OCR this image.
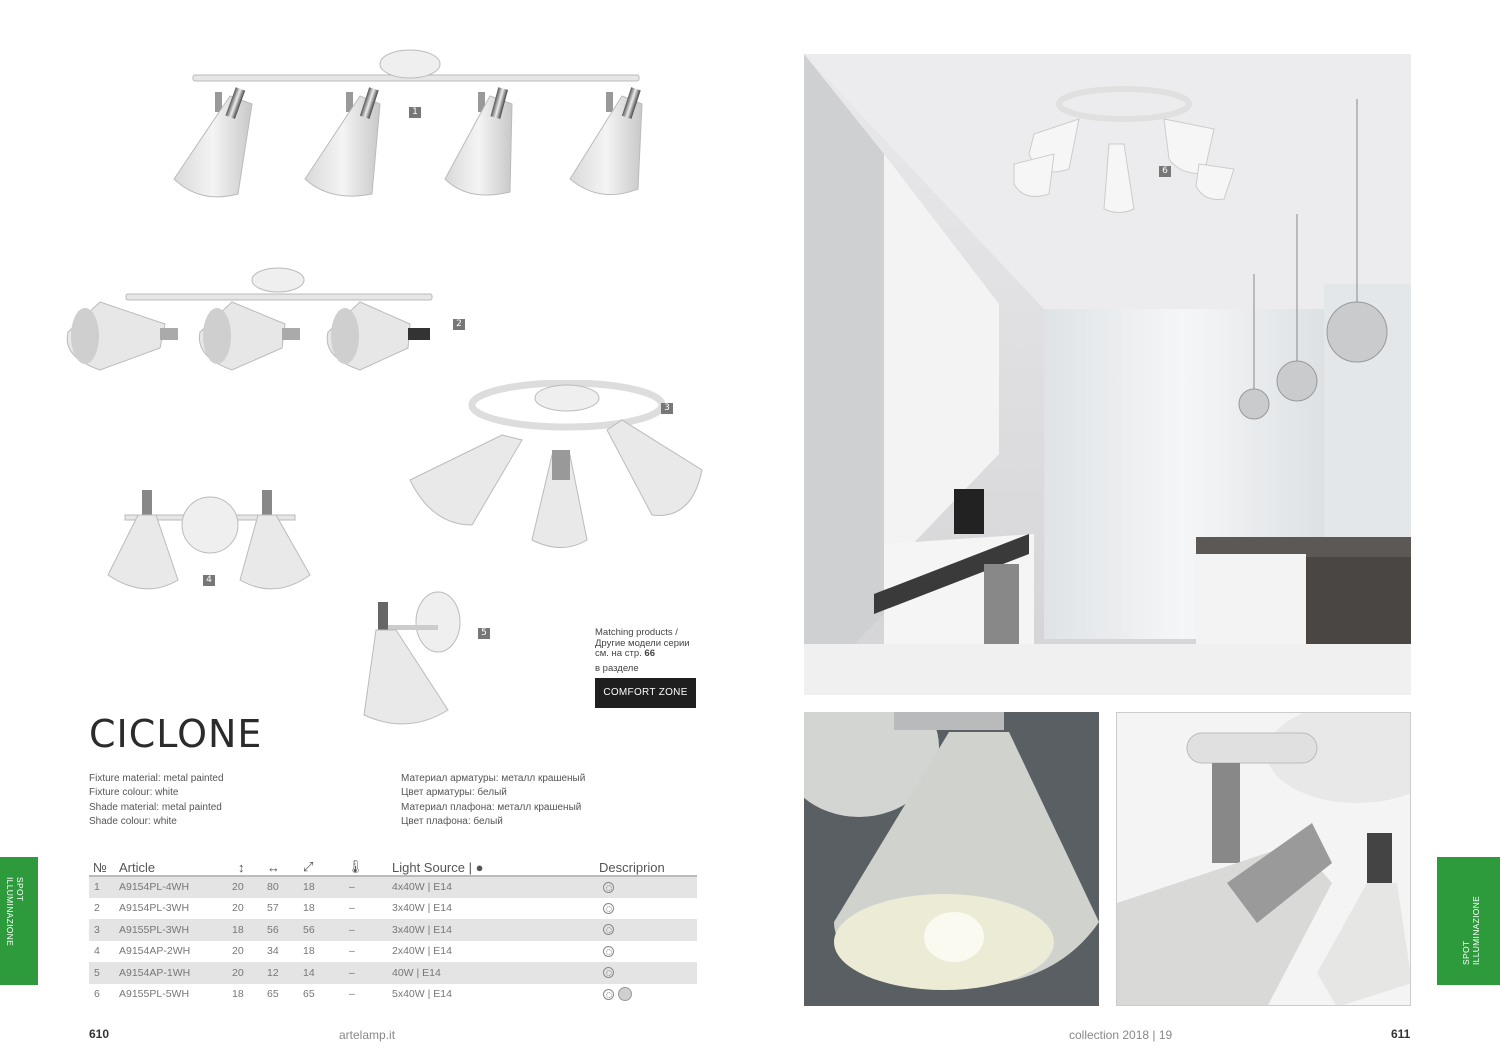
1
2
3
4
5	Matching products /
Другие модели серии
см. на стр. 66
в разделе
COMFORT ZONE
CICLONE
Fixture material: metal painted
Fixture colour: white
Shade material: metal painted
Shade colour: white
Материал арматуры: металл крашеный
Цвет арматуры: белый
Материал плафона: металл крашеный
Цвет плафона: белый
№	Article	↕	↔	⤢	🌡︎	Light Source | ●	Descriprion
1	A9154PL-4WH	20	80	18	–	4x40W | E14	
2	A9154PL-3WH	20	57	18	–	3x40W | E14	
3	A9155PL-3WH	18	56	56	–	3x40W | E14	
4	A9154AP-2WH	20	34	18	–	2x40W | E14	
5	A9154AP-1WH	20	12	14	–	40W | E14	
6	A9155PL-5WH	18	65	65	–	5x40W | E14	
SPOT
ILLUMINAZIONE
610	artelamp.it
6
SPOT ILLUMINAZIONE
collection 2018 | 19	611
